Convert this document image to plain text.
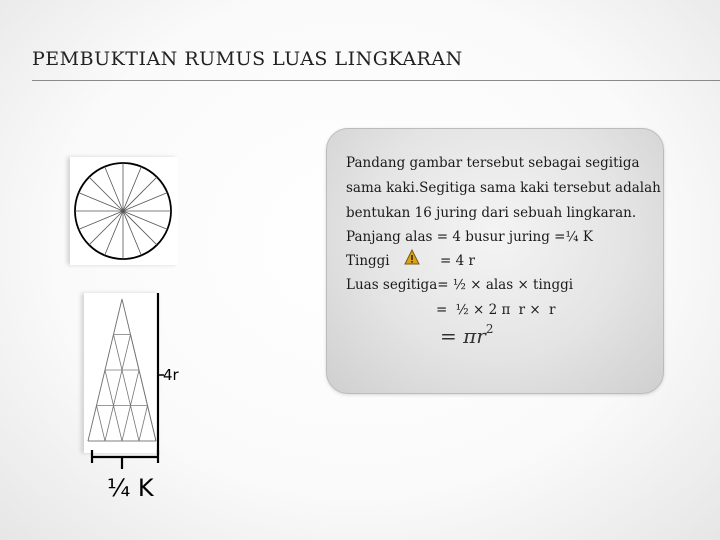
PEMBUKTIAN RUMUS LUAS LINGKARAN
4r
¼ K
Pandang gambar tersebut sebagai segitiga
sama kaki.Segitiga sama kaki tersebut adalah
bentukan 16 juring dari sebuah lingkaran.
Panjang alas = 4 busur juring =¼ K
Tinggi	= 4 r
Luas segitiga= ½ × alas × tinggi
= ½ × 2 π r × r
= $\pi r^2$
